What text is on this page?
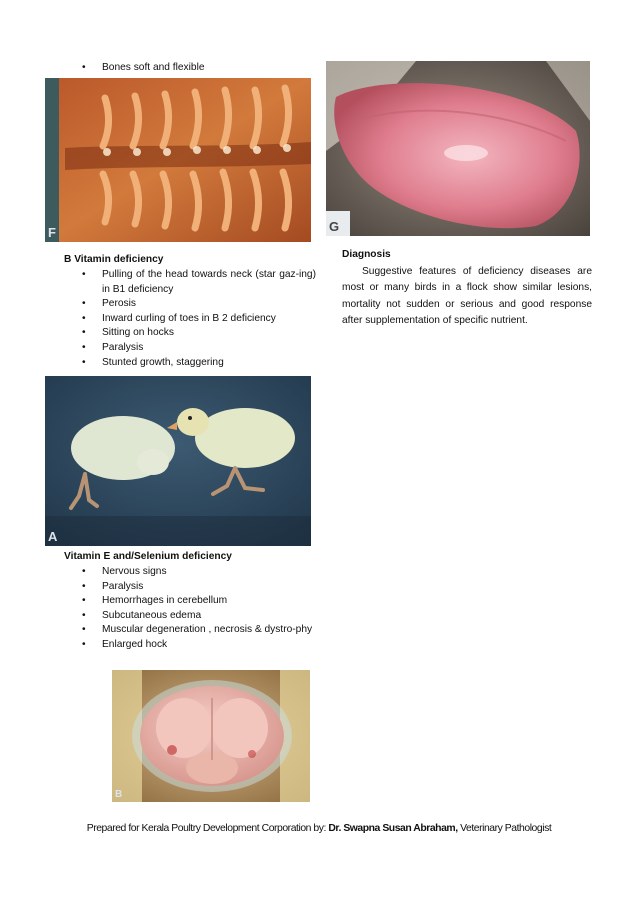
• Bones soft and flexible
F
B Vitamin deficiency
• Pulling of the head towards neck (star gaz-ing) in B1 deficiency
• Perosis
• Inward curling of toes in B 2 deficiency
• Sitting on hocks
• Paralysis
• Stunted growth, staggering
A
Vitamin E and/Selenium deficiency
• Nervous signs
• Paralysis
• Hemorrhages in cerebellum
• Subcutaneous edema
• Muscular degeneration , necrosis & dystro-phy
• Enlarged hock
B
G
Diagnosis
Suggestive features of deficiency diseases are most or many birds in a flock show similar lesions, mortality not sudden or serious and good response after supplementation of specific nutrient.
Prepared for Kerala Poultry Development Corporation by: Dr. Swapna Susan Abraham, Veterinary Pathologist
